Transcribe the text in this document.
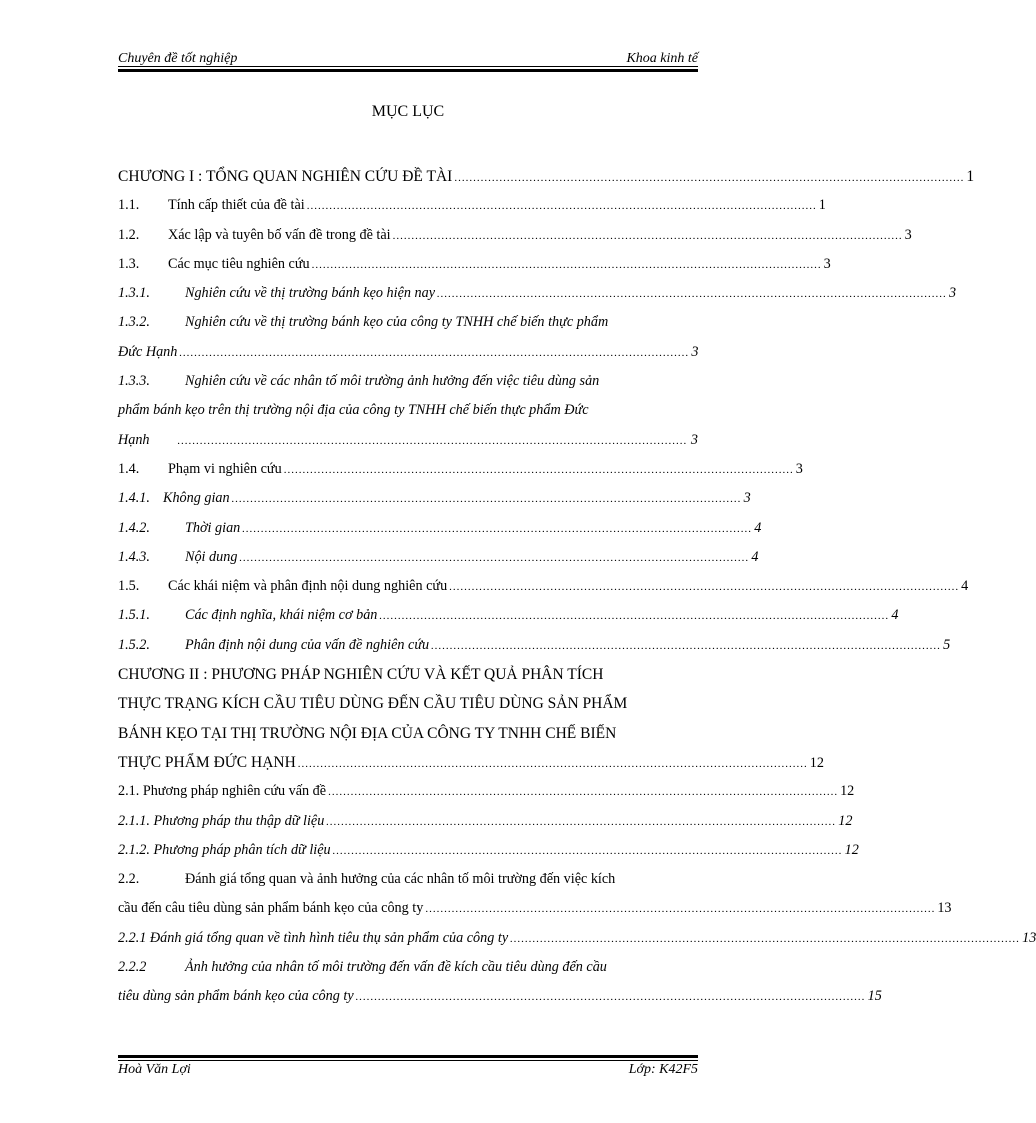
Chuyên đề tốt nghiệp	Khoa kinh tế
MỤC LỤC
CHƯƠNG I : TỔNG QUAN NGHIÊN CỨU ĐỀ TÀI ........................................................................................................................................ 1
1.1. Tính cấp thiết của đề tài ........................................................................................................................................ 1
1.2. Xác lập và tuyên bố vấn đề trong đề tài ........................................................................................................................................ 3
1.3. Các mục tiêu nghiên cứu ........................................................................................................................................ 3
1.3.1. Nghiên cứu về thị trường bánh kẹo hiện nay ........................................................................................................................................ 3
1.3.2. Nghiên cứu về thị trường bánh kẹo của công ty TNHH chế biến thực phẩm
Đức Hạnh ........................................................................................................................................ 3
1.3.3. Nghiên cứu về các nhân tố môi trường ảnh hưởng đến việc tiêu dùng sản
phẩm bánh kẹo trên thị trường nội địa của công ty TNHH chế biến thực phẩm Đức
Hạnh	........................................................................................................................................ 3
1.4. Phạm vi nghiên cứu ........................................................................................................................................ 3
1.4.1. Không gian ........................................................................................................................................ 3
1.4.2. Thời gian ........................................................................................................................................ 4
1.4.3. Nội dung ........................................................................................................................................ 4
1.5. Các khái niệm và phân định nội dung nghiên cứu ........................................................................................................................................ 4
1.5.1. Các định nghĩa, khái niệm cơ bản ........................................................................................................................................ 4
1.5.2. Phân định nội dung của vấn đề nghiên cứu ........................................................................................................................................ 5
CHƯƠNG II : PHƯƠNG PHÁP NGHIÊN CỨU VÀ KẾT QUẢ PHÂN TÍCH
THỰC TRẠNG KÍCH CẦU TIÊU DÙNG ĐẾN CẦU TIÊU DÙNG SẢN PHẨM
BÁNH KẸO TẠI THỊ TRƯỜNG NỘI ĐỊA CỦA CÔNG TY TNHH CHẾ BIẾN
THỰC PHẨM ĐỨC HẠNH ........................................................................................................................................ 12
2.1. Phương pháp nghiên cứu vấn đề ........................................................................................................................................ 12
2.1.1. Phương pháp thu thập dữ liệu ........................................................................................................................................ 12
2.1.2. Phương pháp phân tích dữ liệu ........................................................................................................................................ 12
2.2.	Đánh giá tổng quan và ảnh hưởng của các nhân tố môi trường đến việc kích
cầu đến câu tiêu dùng sản phẩm bánh kẹo của công ty ........................................................................................................................................ 13
2.2.1 Đánh giá tổng quan về tình hình tiêu thụ sản phẩm của công ty ........................................................................................................................................ 13
2.2.2	Ảnh hưởng của nhân tố môi trường đến vấn đề kích cầu tiêu dùng đến cầu
tiêu dùng sản phẩm bánh kẹo của công ty ........................................................................................................................................ 15
Hoà Văn Lợi	Lớp: K42F5
